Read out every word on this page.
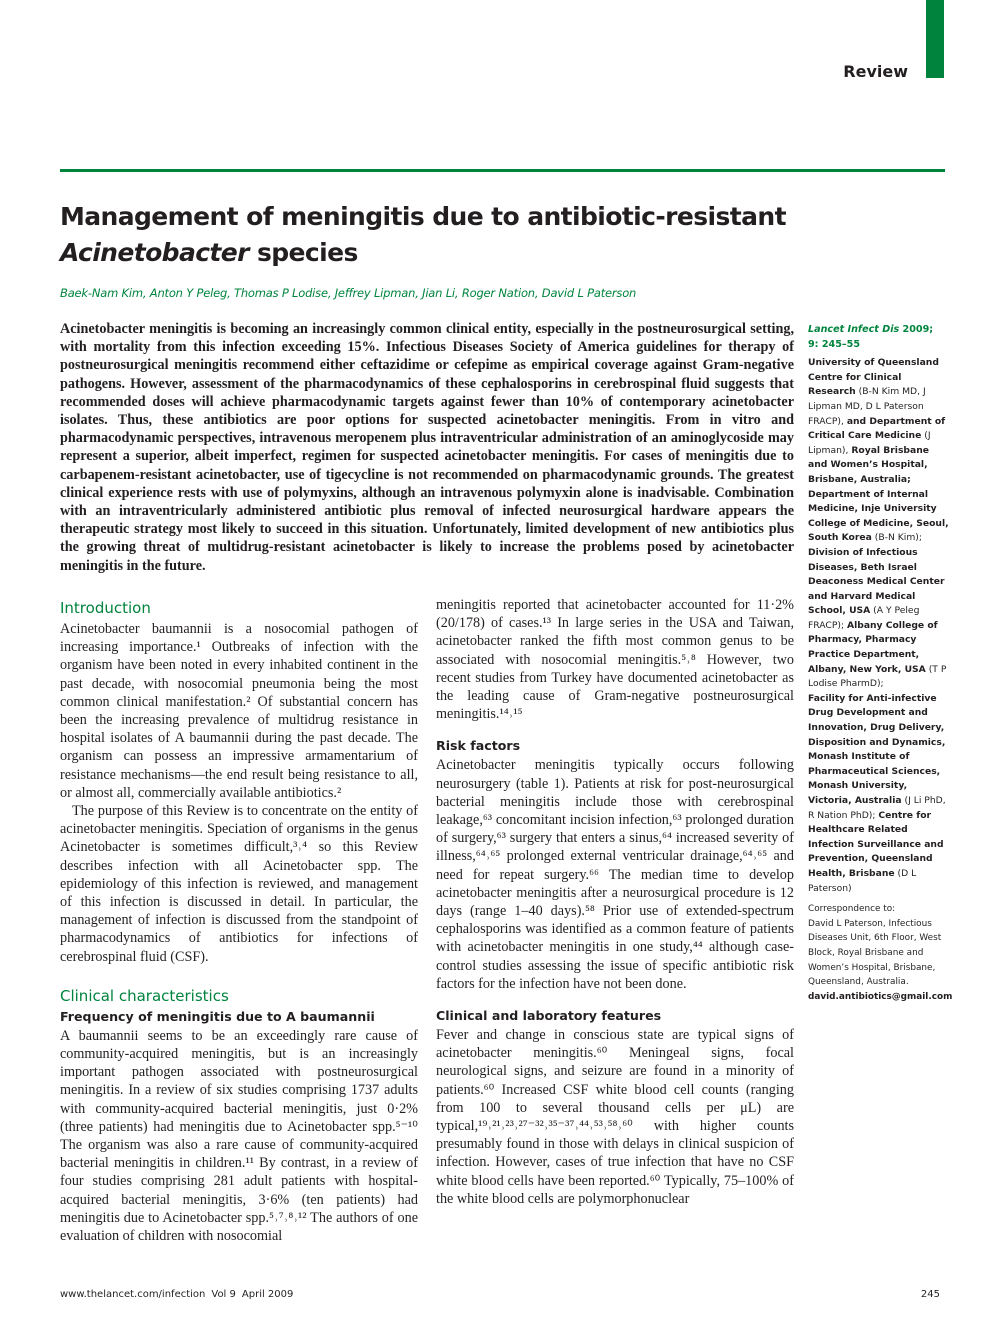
Review
Management of meningitis due to antibiotic-resistant
Acinetobacter species
Baek-Nam Kim, Anton Y Peleg, Thomas P Lodise, Jeffrey Lipman, Jian Li, Roger Nation, David L Paterson

Acinetobacter meningitis is becoming an increasingly common clinical entity, especially in the postneurosurgical setting, with mortality from this infection exceeding 15%. Infectious Diseases Society of America guidelines for therapy of postneurosurgical meningitis recommend either ceftazidime or cefepime as empirical coverage against Gram-negative pathogens. However, assessment of the pharmacodynamics of these cephalosporins in cerebrospinal fluid suggests that recommended doses will achieve pharmacodynamic targets against fewer than 10% of contemporary acinetobacter isolates. Thus, these antibiotics are poor options for suspected acinetobacter meningitis. From in vitro and pharmacodynamic perspectives, intravenous meropenem plus intraventricular administration of an aminoglycoside may represent a superior, albeit imperfect, regimen for suspected acinetobacter meningitis. For cases of meningitis due to carbapenem-resistant acinetobacter, use of tigecycline is not recommended on pharmacodynamic grounds. The greatest clinical experience rests with use of polymyxins, although an intravenous polymyxin alone is inadvisable. Combination with an intraventricularly administered antibiotic plus removal of infected neurosurgical hardware appears the therapeutic strategy most likely to succeed in this situation. Unfortunately, limited development of new antibiotics plus the growing threat of multidrug-resistant acinetobacter is likely to increase the problems posed by acinetobacter meningitis in the future.

Lancet Infect Dis 2009;
9: 245–55
University of Queensland Centre for Clinical Research (B-N Kim MD, J Lipman MD, D L Paterson FRACP), and Department of Critical Care Medicine (J Lipman), Royal Brisbane and Women’s Hospital, Brisbane, Australia; Department of Internal Medicine, Inje University College of Medicine, Seoul, South Korea (B-N Kim); Division of Infectious Diseases, Beth Israel Deaconess Medical Center and Harvard Medical School, USA (A Y Peleg FRACP); Albany College of Pharmacy, Pharmacy Practice Department, Albany, New York, USA (T P Lodise PharmD);
Facility for Anti-infective Drug Development and Innovation, Drug Delivery, Disposition and Dynamics, Monash Institute of Pharmaceutical Sciences, Monash University, Victoria, Australia (J Li PhD, R Nation PhD); Centre for Healthcare Related Infection Surveillance and Prevention, Queensland Health, Brisbane (D L Paterson)
Correspondence to:
David L Paterson, Infectious Diseases Unit, 6th Floor, West Block, Royal Brisbane and Women’s Hospital, Brisbane, Queensland, Australia.
david.antibiotics@gmail.com
Introduction

Acinetobacter baumannii is a nosocomial pathogen of increasing importance.¹ Outbreaks of infection with the organism have been noted in every inhabited continent in the past decade, with nosocomial pneumonia being the most common clinical manifestation.² Of substantial concern has been the increasing prevalence of multidrug resistance in hospital isolates of A baumannii during the past decade. The organism can possess an impressive armamentarium of resistance mechanisms—the end result being resistance to all, or almost all, commercially available antibiotics.²

The purpose of this Review is to concentrate on the entity of acinetobacter meningitis. Speciation of organisms in the genus Acinetobacter is sometimes difficult,³˒⁴ so this Review describes infection with all Acinetobacter spp. The epidemiology of this infection is reviewed, and management of this infection is discussed in detail. In particular, the management of infection is discussed from the standpoint of pharmacodynamics of antibiotics for infections of cerebrospinal fluid (CSF).

Clinical characteristics
Frequency of meningitis due to A baumannii

A baumannii seems to be an exceedingly rare cause of community-acquired meningitis, but is an increasingly important pathogen associated with postneurosurgical meningitis. In a review of six studies comprising 1737 adults with community-acquired bacterial meningitis, just 0·2% (three patients) had meningitis due to Acinetobacter spp.⁵⁻¹⁰ The organism was also a rare cause of community-acquired bacterial meningitis in children.¹¹ By contrast, in a review of four studies comprising 281 adult patients with hospital-acquired bacterial meningitis, 3·6% (ten patients) had meningitis due to Acinetobacter spp.⁵˒⁷˒⁸˒¹² The authors of one evaluation of children with nosocomial

meningitis reported that acinetobacter accounted for 11·2% (20/178) of cases.¹³ In large series in the USA and Taiwan, acinetobacter ranked the fifth most common genus to be associated with nosocomial meningitis.⁵˒⁸ However, two recent studies from Turkey have documented acinetobacter as the leading cause of Gram-negative postneurosurgical meningitis.¹⁴˒¹⁵

Risk factors

Acinetobacter meningitis typically occurs following neurosurgery (table 1). Patients at risk for post-neurosurgical bacterial meningitis include those with cerebrospinal leakage,⁶³ concomitant incision infection,⁶³ prolonged duration of surgery,⁶³ surgery that enters a sinus,⁶⁴ increased severity of illness,⁶⁴˒⁶⁵ prolonged external ventricular drainage,⁶⁴˒⁶⁵ and need for repeat surgery.⁶⁶ The median time to develop acinetobacter meningitis after a neurosurgical procedure is 12 days (range 1–40 days).⁵⁸ Prior use of extended-spectrum cephalosporins was identified as a common feature of patients with acinetobacter meningitis in one study,⁴⁴ although case-control studies assessing the issue of specific antibiotic risk factors for the infection have not been done.

Clinical and laboratory features

Fever and change in conscious state are typical signs of acinetobacter meningitis.⁶⁰ Meningeal signs, focal neurological signs, and seizure are found in a minority of patients.⁶⁰ Increased CSF white blood cell counts (ranging from 100 to several thousand cells per μL) are typical,¹⁹˒²¹˒²³˒²⁷⁻³²˒³⁵⁻³⁷˒⁴⁴˒⁵³˒⁵⁸˒⁶⁰ with higher counts presumably found in those with delays in clinical suspicion of infection. However, cases of true infection that have no CSF white blood cells have been reported.⁶⁰ Typically, 75–100% of the white blood cells are polymorphonuclear

www.thelancet.com/infection Vol 9 April 2009	245
